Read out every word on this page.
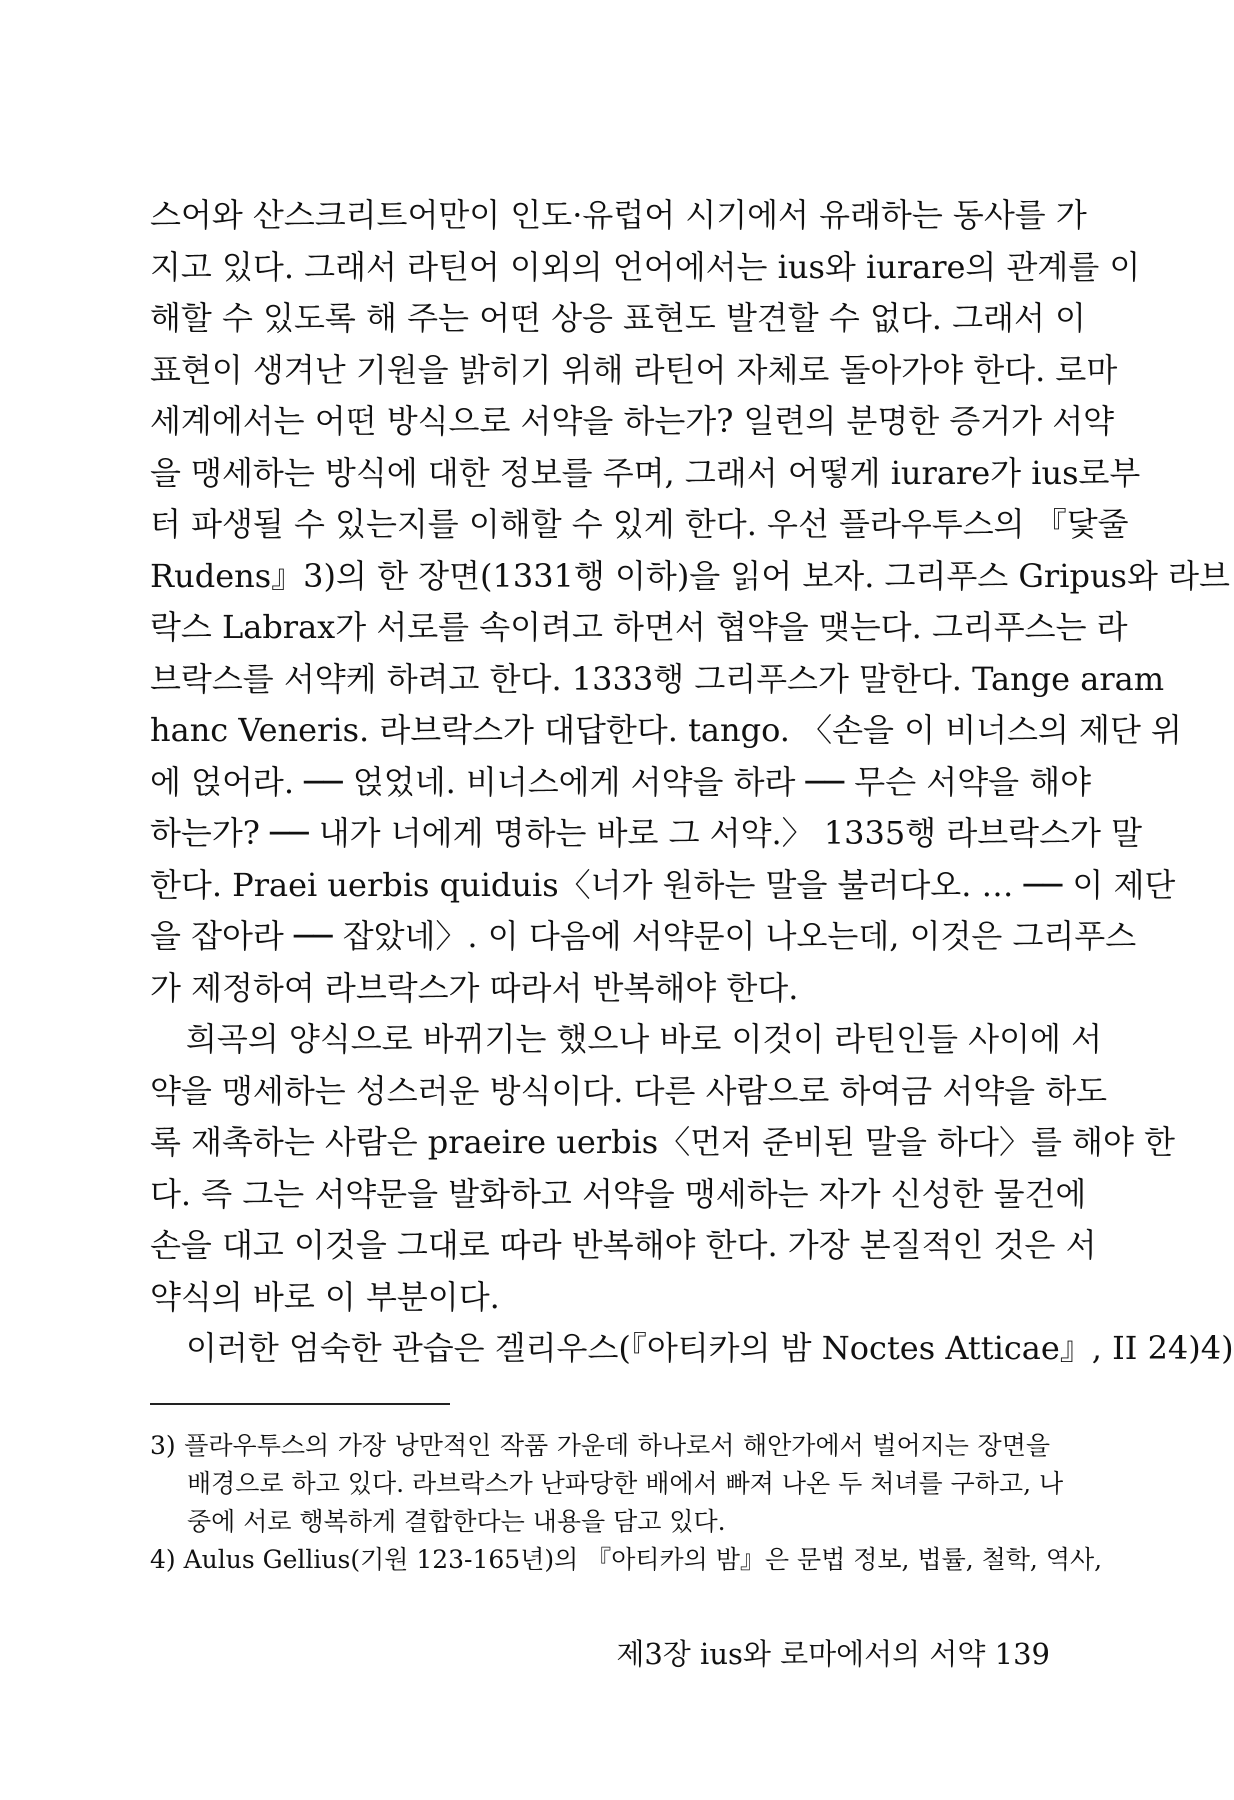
스어와 산스크리트어만이 인도·유럽어 시기에서 유래하는 동사를 가
지고 있다. 그래서 라틴어 이외의 언어에서는 ius와 iurare의 관계를 이
해할 수 있도록 해 주는 어떤 상응 표현도 발견할 수 없다. 그래서 이
표현이 생겨난 기원을 밝히기 위해 라틴어 자체로 돌아가야 한다. 로마
세계에서는 어떤 방식으로 서약을 하는가? 일련의 분명한 증거가 서약
을 맹세하는 방식에 대한 정보를 주며, 그래서 어떻게 iurare가 ius로부
터 파생될 수 있는지를 이해할 수 있게 한다. 우선 플라우투스의 『닻줄
Rudens』3)의 한 장면(1331행 이하)을 읽어 보자. 그리푸스 Gripus와 라브
락스 Labrax가 서로를 속이려고 하면서 협약을 맺는다. 그리푸스는 라
브락스를 서약케 하려고 한다. 1333행 그리푸스가 말한다. Tange aram
hanc Veneris. 라브락스가 대답한다. tango. 〈손을 이 비너스의 제단 위
에 얹어라. ── 얹었네. 비너스에게 서약을 하라 ── 무슨 서약을 해야
하는가? ── 내가 너에게 명하는 바로 그 서약.〉 1335행 라브락스가 말
한다. Praei uerbis quiduis〈너가 원하는 말을 불러다오. … ── 이 제단
을 잡아라 ── 잡았네〉. 이 다음에 서약문이 나오는데, 이것은 그리푸스
가 제정하여 라브락스가 따라서 반복해야 한다.
희곡의 양식으로 바뀌기는 했으나 바로 이것이 라틴인들 사이에 서
약을 맹세하는 성스러운 방식이다. 다른 사람으로 하여금 서약을 하도
록 재촉하는 사람은 praeire uerbis〈먼저 준비된 말을 하다〉를 해야 한
다. 즉 그는 서약문을 발화하고 서약을 맹세하는 자가 신성한 물건에
손을 대고 이것을 그대로 따라 반복해야 한다. 가장 본질적인 것은 서
약식의 바로 이 부분이다.
이러한 엄숙한 관습은 겔리우스(『아티카의 밤 Noctes Atticae』, II 24)4)
3) 플라우투스의 가장 낭만적인 작품 가운데 하나로서 해안가에서 벌어지는 장면을
배경으로 하고 있다. 라브락스가 난파당한 배에서 빠져 나온 두 처녀를 구하고, 나
중에 서로 행복하게 결합한다는 내용을 담고 있다.
4) Aulus Gellius(기원 123-165년)의 『아티카의 밤』은 문법 정보, 법률, 철학, 역사,
제3장 ius와 로마에서의 서약 139
